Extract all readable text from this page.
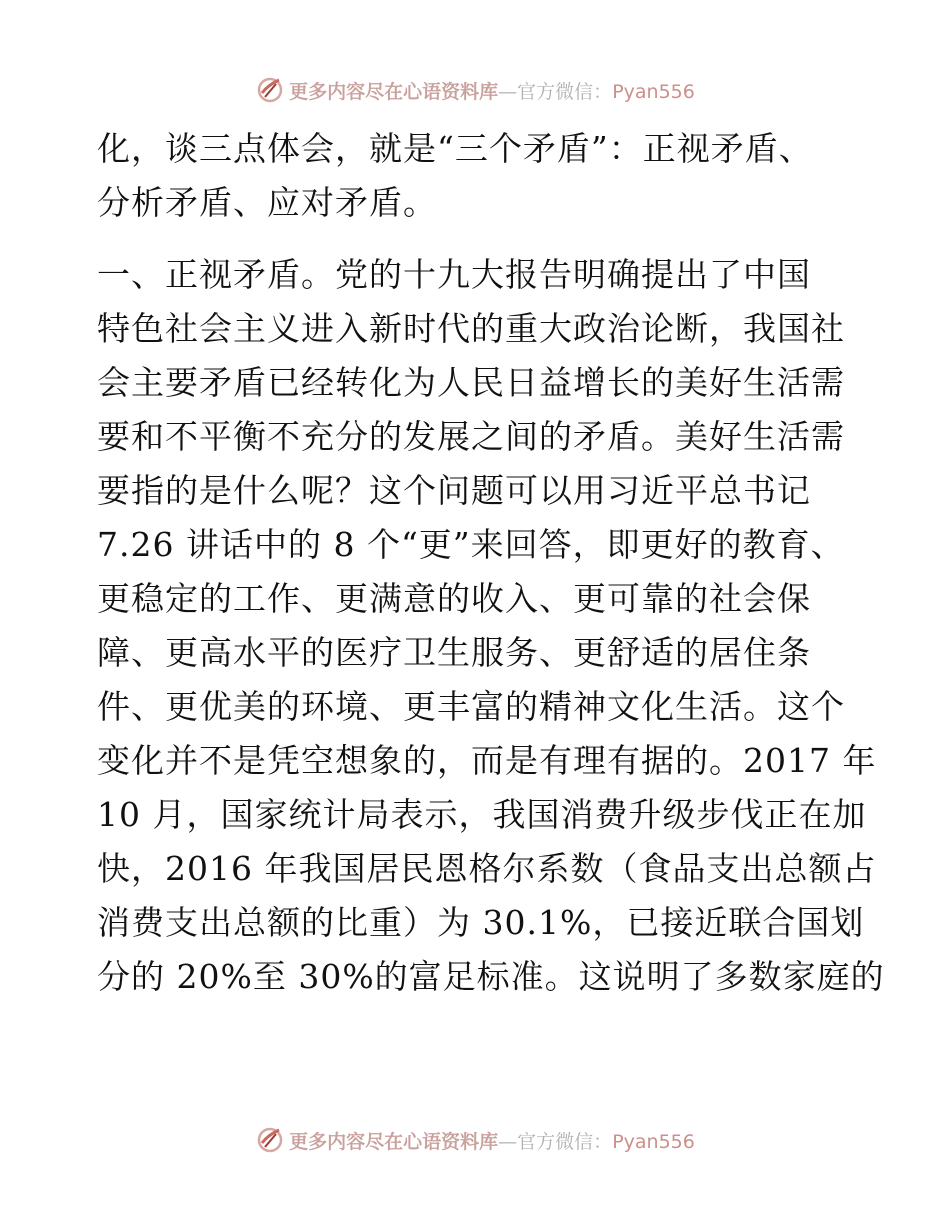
更多内容尽在心语资料库—官方微信：Pyan556
化，谈三点体会，就是“三个矛盾”：正视矛盾、
分析矛盾、应对矛盾。
一、正视矛盾。党的十九大报告明确提出了中国
特色社会主义进入新时代的重大政治论断，我国社
会主要矛盾已经转化为人民日益增长的美好生活需
要和不平衡不充分的发展之间的矛盾。美好生活需
要指的是什么呢？这个问题可以用习近平总书记
7.26 讲话中的 8 个“更”来回答，即更好的教育、
更稳定的工作、更满意的收入、更可靠的社会保
障、更高水平的医疗卫生服务、更舒适的居住条
件、更优美的环境、更丰富的精神文化生活。这个
变化并不是凭空想象的，而是有理有据的。2017 年
10 月，国家统计局表示，我国消费升级步伐正在加
快，2016 年我国居民恩格尔系数（食品支出总额占
消费支出总额的比重）为 30.1%，已接近联合国划
分的 20%至 30%的富足标准。这说明了多数家庭的
更多内容尽在心语资料库—官方微信：Pyan556
